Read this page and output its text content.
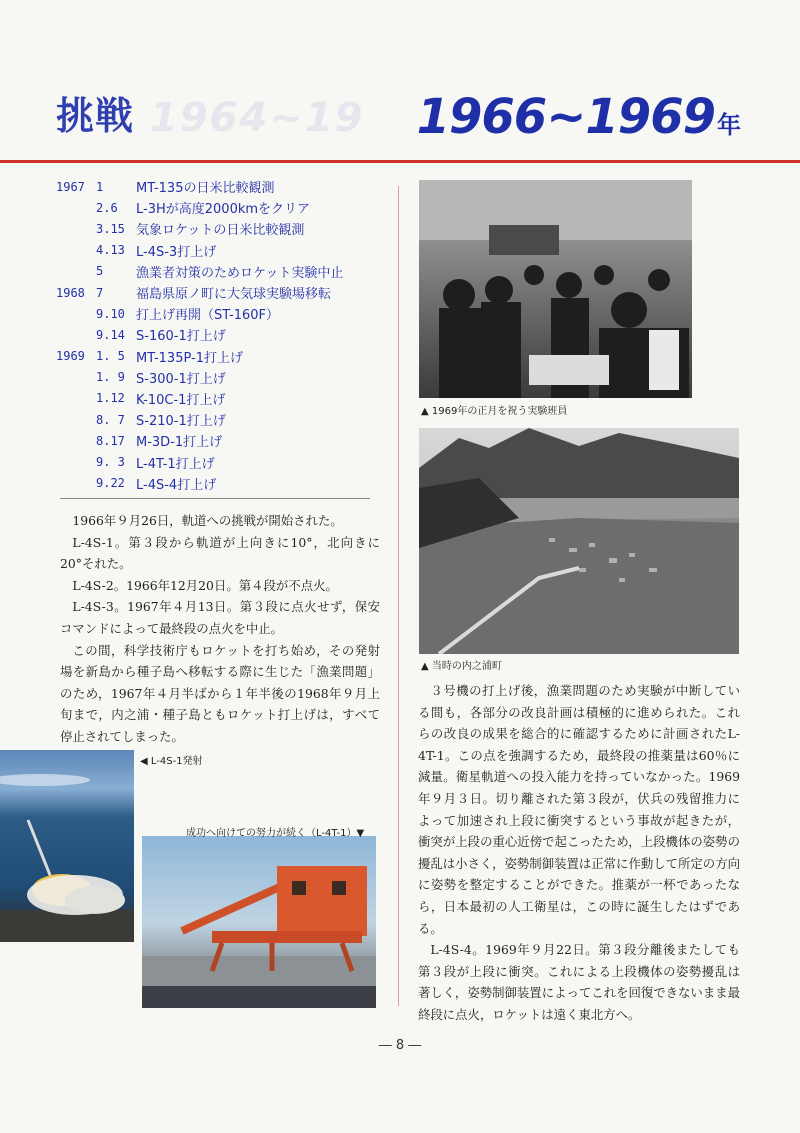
1964~19
挑戦	1966~1969年
1967 1	MT-135の日米比較観測
2.6	L-3Hが高度2000kmをクリア
3.15 気象ロケットの日米比較観測
4.13 L-4S-3打上げ
5	漁業者対策のためロケット実験中止
1968 7	福島県原ノ町に大気球実験場移転
9.10 打上げ再開（ST-160F）
9.14 S-160-1打上げ
1969 1. 5 MT-135P-1打上げ
1. 9 S-300-1打上げ
1.12 K-10C-1打上げ
8. 7 S-210-1打上げ
8.17 M-3D-1打上げ
9. 3 L-4T-1打上げ
9.22 L-4S-4打上げ

1966年９月26日，軌道への挑戦が開始された。

L-4S-1。第３段から軌道が上向きに10°，北向きに20°それた。

L-4S-2。1966年12月20日。第４段が不点火。

L-4S-3。1967年４月13日。第３段に点火せず，保安コマンドによって最終段の点火を中止。

この間，科学技術庁もロケットを打ち始め，その発射場を新島から種子島へ移転する際に生じた「漁業問題」のため，1967年４月半ばから１年半後の1968年９月上旬まで，内之浦・種子島ともロケット打上げは，すべて停止されてしまった。

▲ 1969年の正月を祝う実験班員
▲ 当時の内之浦町

３号機の打上げ後，漁業問題のため実験が中断している間も，各部分の改良計画は積極的に進められた。これらの改良の成果を総合的に確認するために計画されたL-4T-1。この点を強調するため，最終段の推薬量は60％に減量。衛星軌道への投入能力を持っていなかった。1969年９月３日。切り離された第３段が，伏兵の残留推力によって加速され上段に衝突するという事故が起きたが，衝突が上段の重心近傍で起こったため，上段機体の姿勢の擾乱は小さく，姿勢制御装置は正常に作動して所定の方向に姿勢を整定することができた。推薬が一杯であったなら，日本最初の人工衛星は，この時に誕生したはずである。

L-4S-4。1969年９月22日。第３段分離後またしても第３段が上段に衝突。これによる上段機体の姿勢擾乱は著しく，姿勢制御装置によってこれを回復できないまま最終段に点火，ロケットは遠く東北方へ。

◀ L-4S-1発射
成功へ向けての努力が続く（L-4T-1）▼
― 8 ―
